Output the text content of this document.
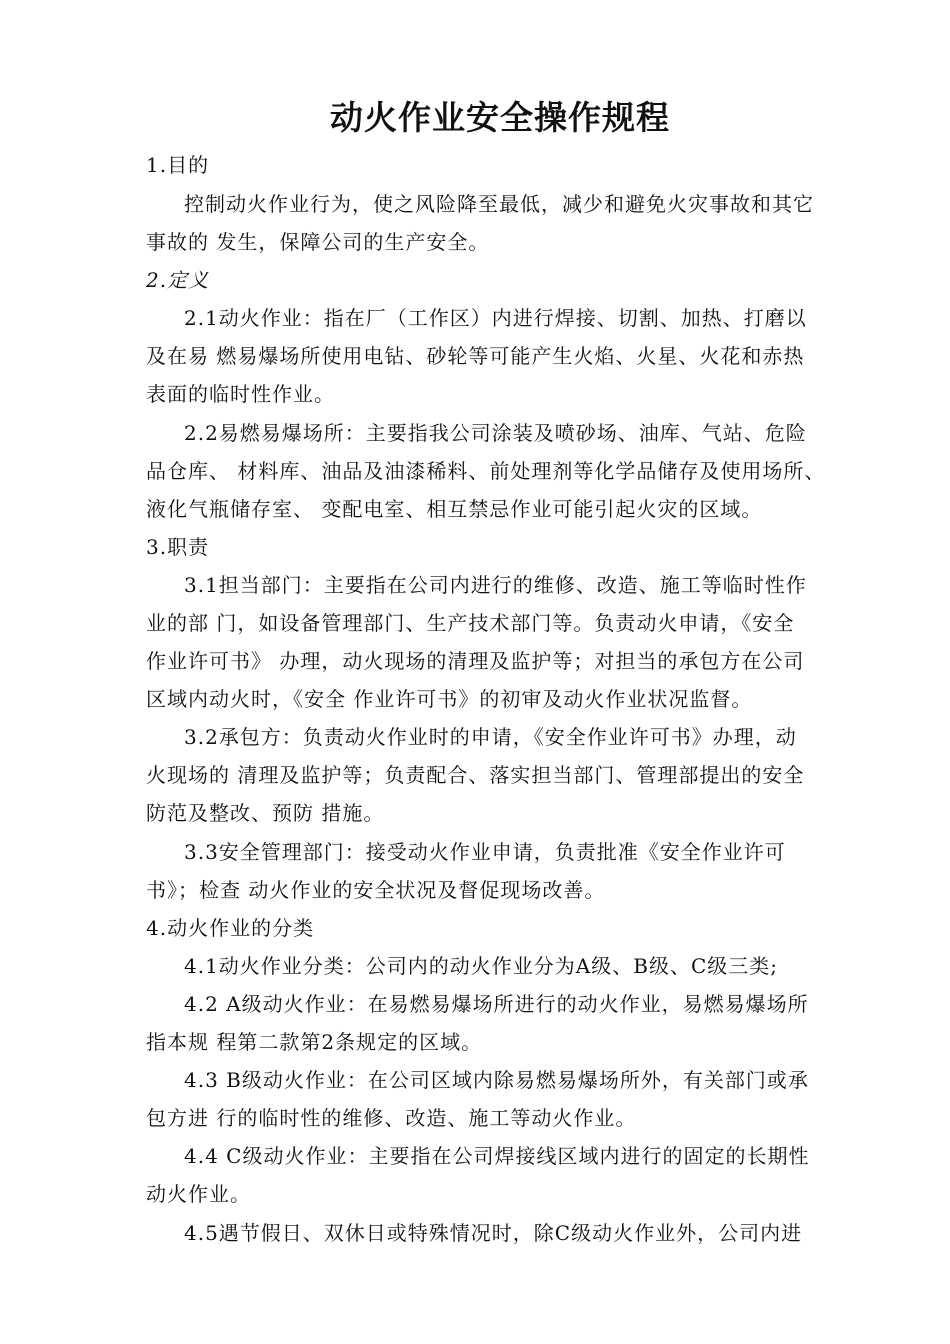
动火作业安全操作规程
1.目的
控制动火作业行为，使之风险降至最低，减少和避免火灾事故和其它
事故的 发生，保障公司的生产安全。
2.定义
2.1动火作业：指在厂（工作区）内进行焊接、切割、加热、打磨以
及在易 燃易爆场所使用电钻、砂轮等可能产生火焰、火星、火花和赤热
表面的临时性作业。
2.2易燃易爆场所：主要指我公司涂装及喷砂场、油库、气站、危险
品仓库、 材料库、油品及油漆稀料、前处理剂等化学品储存及使用场所、
液化气瓶储存室、 变配电室、相互禁忌作业可能引起火灾的区域。
3.职责
3.1担当部门：主要指在公司内进行的维修、改造、施工等临时性作
业的部 门，如设备管理部门、生产技术部门等。负责动火申请，《安全
作业许可书》 办理，动火现场的清理及监护等；对担当的承包方在公司
区域内动火时，《安全 作业许可书》的初审及动火作业状况监督。
3.2承包方：负责动火作业时的申请，《安全作业许可书》办理，动
火现场的 清理及监护等；负责配合、落实担当部门、管理部提出的安全
防范及整改、预防 措施。
3.3安全管理部门：接受动火作业申请，负责批准《安全作业许可
书》；检查 动火作业的安全状况及督促现场改善。
4.动火作业的分类
4.1动火作业分类：公司内的动火作业分为A级、B级、C级三类;
4.2 A级动火作业：在易燃易爆场所进行的动火作业，易燃易爆场所
指本规 程第二款第2条规定的区域。
4.3 B级动火作业：在公司区域内除易燃易爆场所外，有关部门或承
包方进 行的临时性的维修、改造、施工等动火作业。
4.4 C级动火作业：主要指在公司焊接线区域内进行的固定的长期性
动火作业。
4.5遇节假日、双休日或特殊情况时，除C级动火作业外，公司内进
